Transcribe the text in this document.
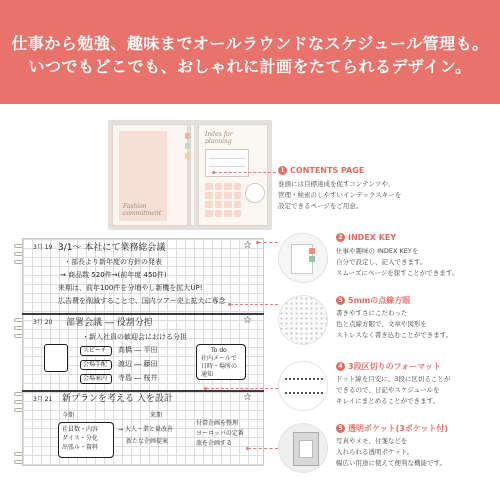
仕事から勉強、趣味までオールラウンドなスケジュール管理も。
いつでもどこでも、おしゃれに計画をたてられるデザイン。
Fashion commitment
Index for planning
3月 19 3/1〜 本社にて業務総会議	☆
・部長より新年度の方針の発表
→ 商品数 520件→(前年度 450件)
来期は、前年100件を分増やし新機を拡大UP!
広告費を削減することで、国内ツアー売上拡大に専念
3月 20 部署会議 ― 役割分担	☆
・新入社員の歓迎会における分担
スピーチ 高橋 ― 平田
会場手配 渡辺 ― 藤田
会場案内 寺島 ― 桜井
To do
社内メールで
日時・場所の
通知
3月 21 新プランを考える 入を設計	☆
今期	来期
社員数・内容
ダイス・分化
出張ル・資料
→ 大人・業と量改善
新たな企画提案
付帯企画を整理
ヨーロッパの定番
旅を企画する
1 CONTENTS PAGE
巻頭には目標達成を促すコンテンツや、
管理・検索のしやすいインデックスキーを
設定できるページをご用意。
2 INDEX KEY
仕事や趣味の INDEX KEYを
自分で設定し、記入できます。
スムーズにページを探すことができます。
3 5mmの点線方眼
書きやすさにこだわった
色と点線方眼で、文章や図形を
ストレスなく書き込むことができます。
4 3段区切りのフォーマット
ドット線を目安に、3段に区切ることが
できるので、日記やスケジュールを
キレイにまとめることができます。
5 透明ポケット(3ポケット付)
写真やメモ、付箋などを
入れられる透明ポケット。
幅広い用途に使えて便利な機能です。
